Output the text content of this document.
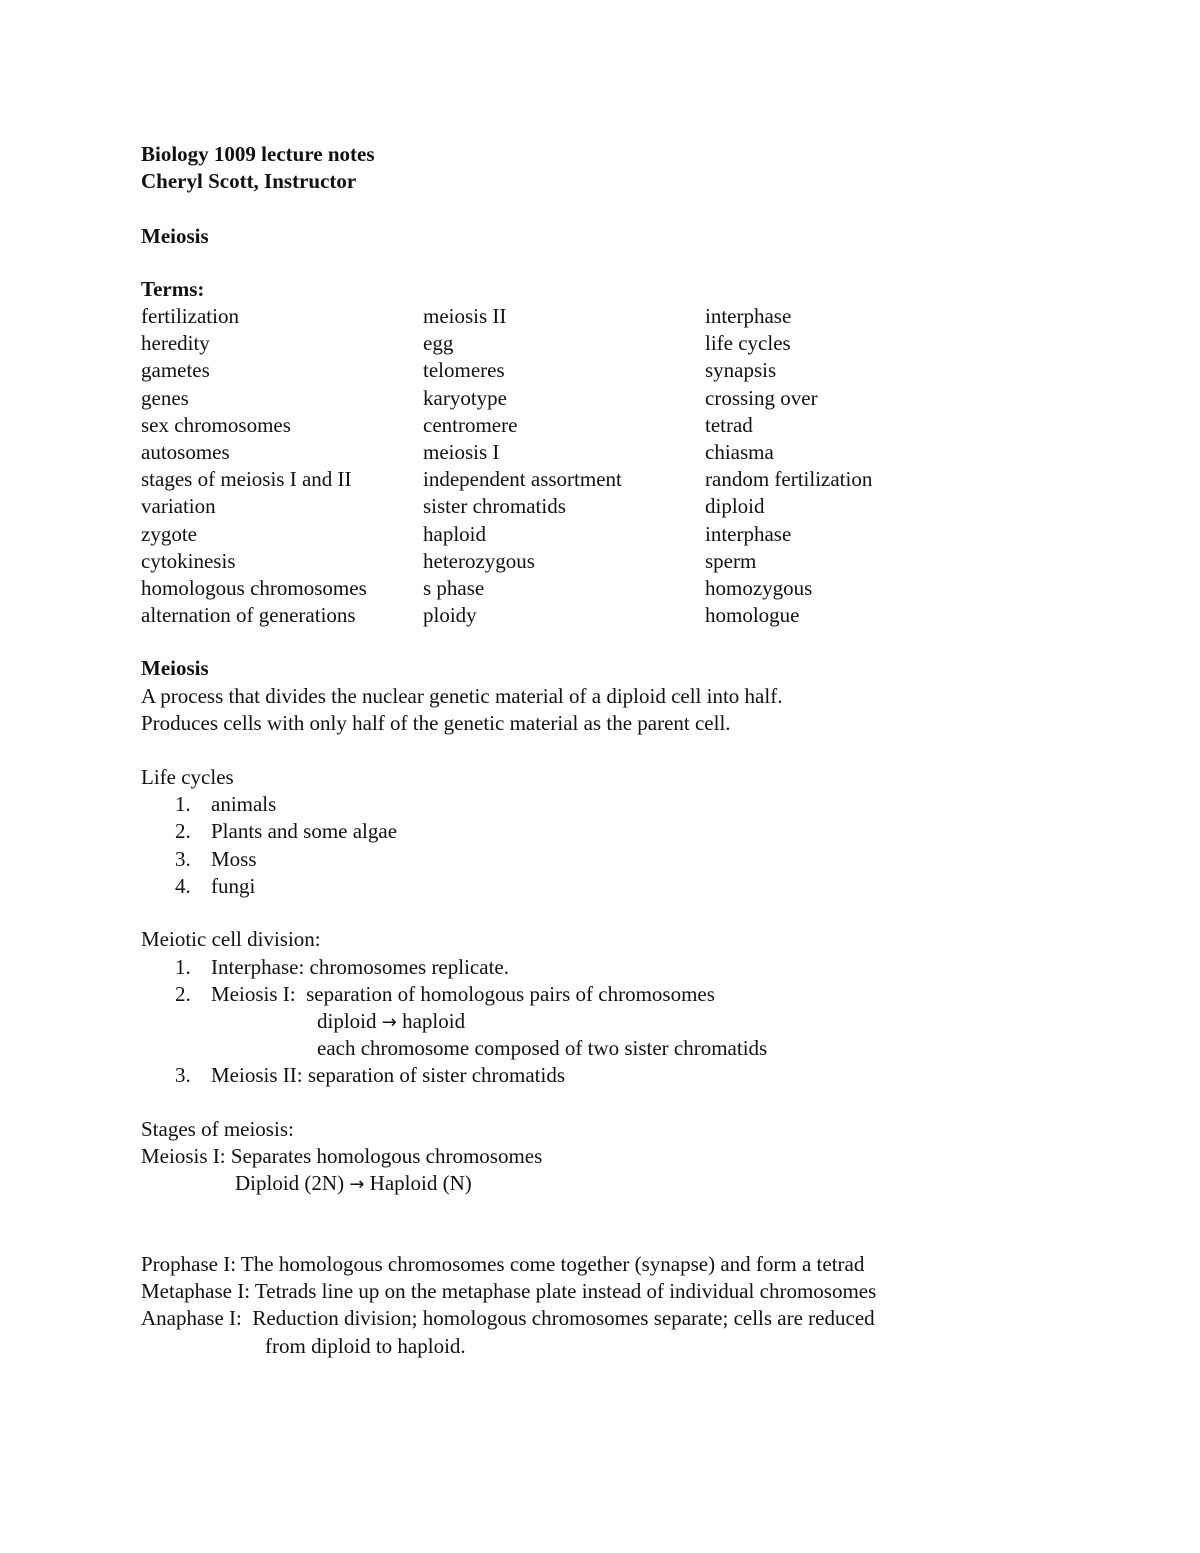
Biology 1009 lecture notes
Cheryl Scott, Instructor
Meiosis
Terms:
fertilization	meiosis II	interphase
heredity	egg	life cycles
gametes	telomeres	synapsis
genes	karyotype	crossing over
sex chromosomes	centromere	tetrad
autosomes	meiosis I	chiasma
stages of meiosis I and II	independent assortment	random fertilization
variation	sister chromatids	diploid
zygote	haploid	interphase
cytokinesis	heterozygous	sperm
homologous chromosomes	s phase	homozygous
alternation of generations	ploidy	homologue
Meiosis
A process that divides the nuclear genetic material of a diploid cell into half.
Produces cells with only half of the genetic material as the parent cell.
Life cycles
1. animals
2. Plants and some algae
3. Moss
4. fungi
Meiotic cell division:
1. Interphase: chromosomes replicate.
2. Meiosis I:  separation of homologous pairs of chromosomes
diploid → haploid
each chromosome composed of two sister chromatids
3. Meiosis II: separation of sister chromatids
Stages of meiosis:
Meiosis I: Separates homologous chromosomes
Diploid (2N) → Haploid (N)
Prophase I: The homologous chromosomes come together (synapse) and form a tetrad
Metaphase I: Tetrads line up on the metaphase plate instead of individual chromosomes
Anaphase I:  Reduction division; homologous chromosomes separate; cells are reduced
from diploid to haploid.
